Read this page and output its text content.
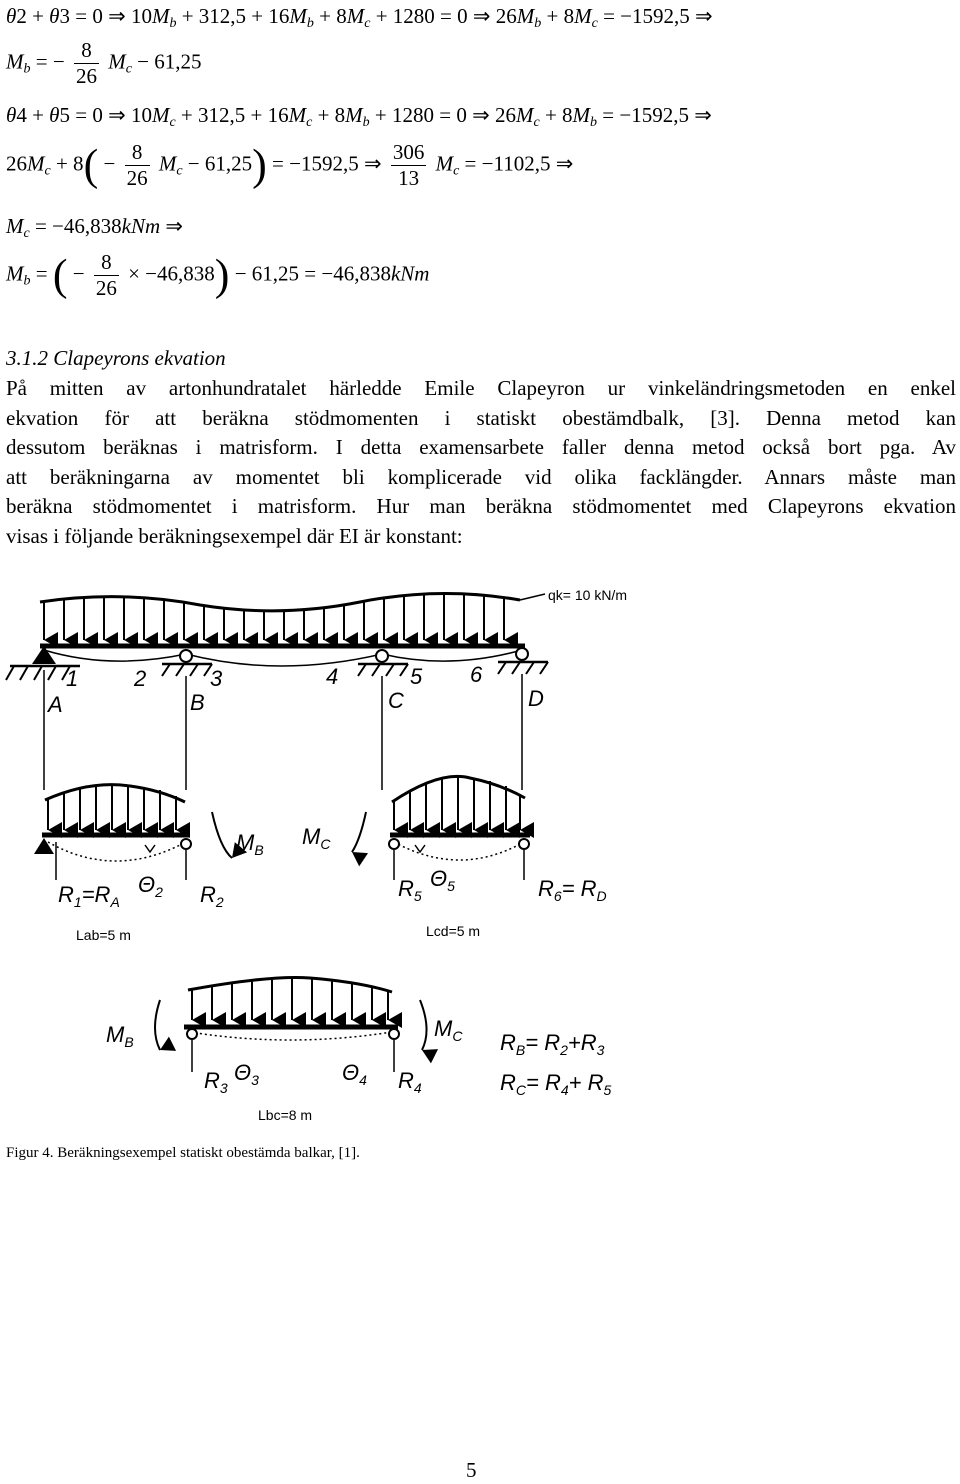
θ2 + θ3 = 0 ⇒ $10M_b + 312,5 + 16M_b + 8M_c + 1280 = 0$ ⇒ $26M_b + 8M_c = -1592,5$ ⇒
$M_b$ = − $\frac{8}{26} M_c - 61,25$
θ4 + θ5 = 0 ⇒ $10M_c + 312,5 + 16M_c + 8M_b + 1280 = 0$ ⇒ $26M_c + 8M_b = -1592,5$ ⇒
$26M_c + 8( - \frac{8}{26} M_c - 61,25) = -1592,5$ ⇒ $\frac{306}{13} M_c = -1102,5$ ⇒
$M_c = -46,838kNm$ ⇒
$M_b$ = ( − $\frac{8}{26} \times -46,838) - 61,25 = -46,838kNm$
3.1.2 Clapeyrons ekvation
På mitten av artonhundratalet härledde Emile Clapeyron ur vinkeländringsmetoden en enkel
ekvation för att beräkna stödmomenten i statiskt obestämdbalk, [3]. Denna metod kan
dessutom beräknas i matrisform. I detta examensarbete faller denna metod också bort pga. Av
att beräkningarna av momentet bli komplicerade vid olika facklängder. Annars måste man
beräkna stödmomentet i matrisform. Hur man beräkna stödmomentet med Clapeyrons ekvation
visas i följande beräkningsexempel där EI är konstant:
qk= 10 kN/m
1	2	3	4	5 6
A	B	C	D
$M_B$
$R_1=R_A$
$\Theta_2$ $R_2$
Lab=5 m
$M_C$
$R_5$
$\Theta_5$	$R_6= R_D$
Lcd=5 m
$M_B$
$M_C$
$R_3$
$\Theta_3$	$\Theta_4$ $R_4$
$R_B= R_2+R_3$
$R_C= R_4+ R_5$
Lbc=8 m
Figur 4. Beräkningsexempel statiskt obestämda balkar, [1].
5
